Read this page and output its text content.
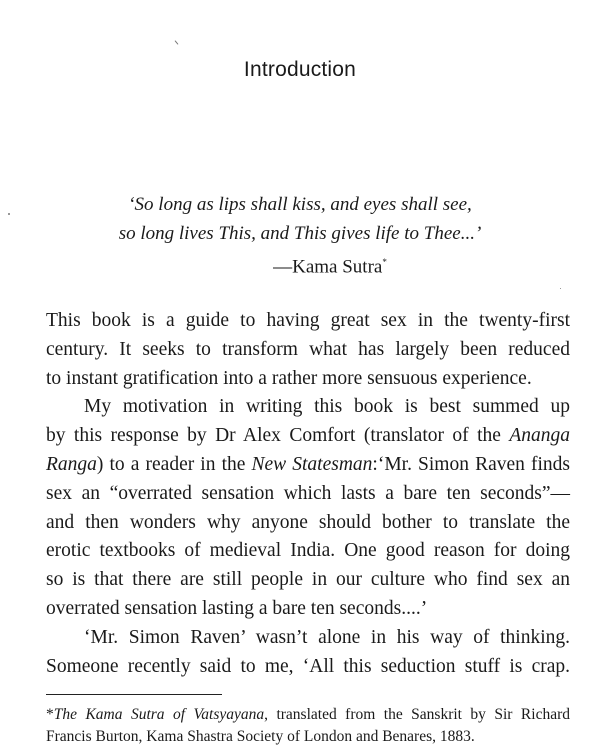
Introduction
‘So long as lips shall kiss, and eyes shall see,
so long lives This, and This gives life to Thee...’
—Kama Sutra*
This book is a guide to having great sex in the twenty-first
century. It seeks to transform what has largely been reduced
to instant gratification into a rather more sensuous experience.
My motivation in writing this book is best summed up
by this response by Dr Alex Comfort (translator of the Ananga
Ranga) to a reader in the New Statesman:‘Mr. Simon Raven finds
sex an “overrated sensation which lasts a bare ten seconds”—
and then wonders why anyone should bother to translate the
erotic textbooks of medieval India. One good reason for doing
so is that there are still people in our culture who find sex an
overrated sensation lasting a bare ten seconds....’
‘Mr. Simon Raven’ wasn’t alone in his way of thinking.
Someone recently said to me, ‘All this seduction stuff is crap.
*The Kama Sutra of Vatsyayana, translated from the Sanskrit by Sir Richard
Francis Burton, Kama Shastra Society of London and Benares, 1883.
